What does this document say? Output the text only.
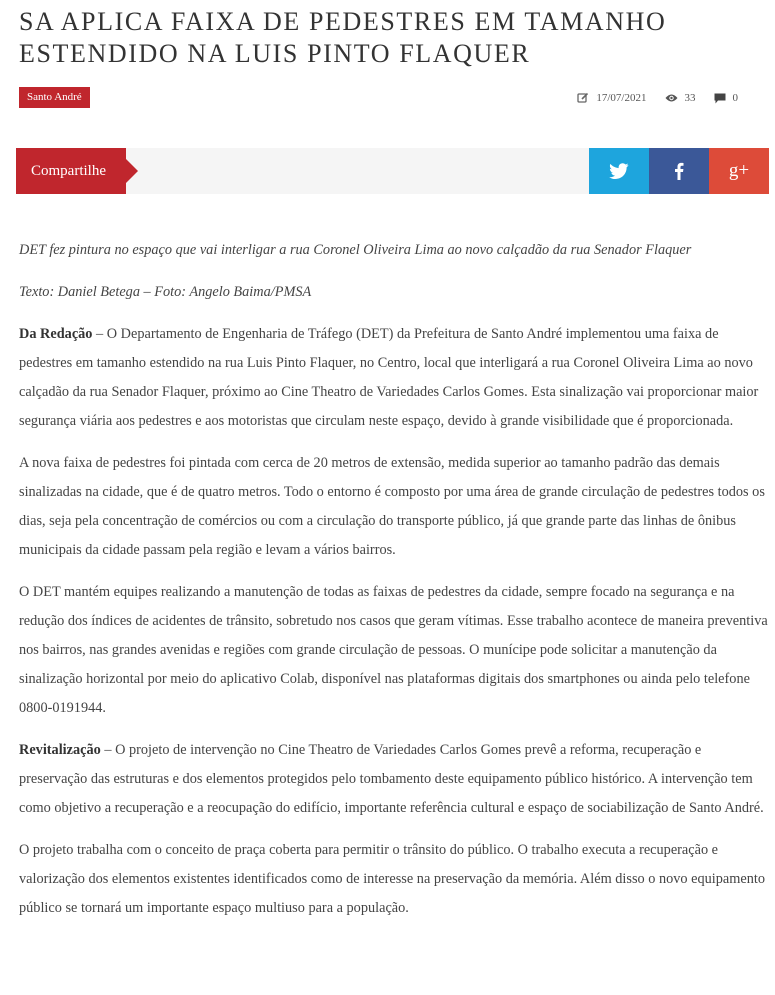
SA APLICA FAIXA DE PEDESTRES EM TAMANHO ESTENDIDO NA LUIS PINTO FLAQUER
Santo André	17/07/2021	33	0
Compartilhe	g+

DET fez pintura no espaço que vai interligar a rua Coronel Oliveira Lima ao novo calçadão da rua Senador Flaquer

Texto: Daniel Betega – Foto: Angelo Baima/PMSA

Da Redação – O Departamento de Engenharia de Tráfego (DET) da Prefeitura de Santo André implementou uma faixa de pedestres em tamanho estendido na rua Luis Pinto Flaquer, no Centro, local que interligará a rua Coronel Oliveira Lima ao novo calçadão da rua Senador Flaquer, próximo ao Cine Theatro de Variedades Carlos Gomes. Esta sinalização vai proporcionar maior segurança viária aos pedestres e aos motoristas que circulam neste espaço, devido à grande visibilidade que é proporcionada.

A nova faixa de pedestres foi pintada com cerca de 20 metros de extensão, medida superior ao tamanho padrão das demais sinalizadas na cidade, que é de quatro metros. Todo o entorno é composto por uma área de grande circulação de pedestres todos os dias, seja pela concentração de comércios ou com a circulação do transporte público, já que grande parte das linhas de ônibus municipais da cidade passam pela região e levam a vários bairros.

O DET mantém equipes realizando a manutenção de todas as faixas de pedestres da cidade, sempre focado na segurança e na redução dos índices de acidentes de trânsito, sobretudo nos casos que geram vítimas. Esse trabalho acontece de maneira preventiva nos bairros, nas grandes avenidas e regiões com grande circulação de pessoas. O munícipe pode solicitar a manutenção da sinalização horizontal por meio do aplicativo Colab, disponível nas plataformas digitais dos smartphones ou ainda pelo telefone 0800-0191944.

Revitalização – O projeto de intervenção no Cine Theatro de Variedades Carlos Gomes prevê a reforma, recuperação e preservação das estruturas e dos elementos protegidos pelo tombamento deste equipamento público histórico. A intervenção tem como objetivo a recuperação e a reocupação do edifício, importante referência cultural e espaço de sociabilização de Santo André.

O projeto trabalha com o conceito de praça coberta para permitir o trânsito do público. O trabalho executa a recuperação e valorização dos elementos existentes identificados como de interesse na preservação da memória. Além disso o novo equipamento público se tornará um importante espaço multiuso para a população.
